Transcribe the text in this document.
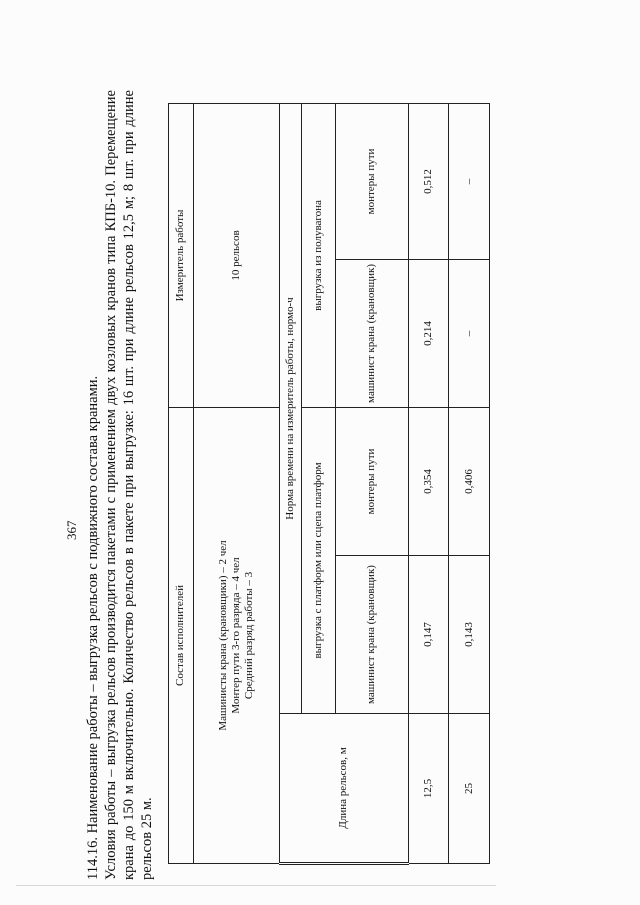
367 114.16. Наименование работы – выгрузка рельсов с подвижного состава кранами. Условия работы – выгрузка рельсов производится пакетами с применением двух козловых кранов типа КПБ-10. Перемещение крана до 150 м включительно. Количество рельсов в пакете при выгрузке: 16 шт. при длине рельсов 12,5 м; 8 шт. при длине рельсов 25 м.

Состав исполнителей			Измеритель работы	

Машинисты крана (крановщики) – 2 чел Монтер пути 3-го разряда – 4 чел Средний разряд работы – 3			10 рельсов	
Длина рельсов, м	Норма времени на измеритель работы, нормо-ч			
	выгрузка с платформ или сцепа платформ		выгрузка из полувагона	
	машинист крана (крановщик)	монтеры пути	машинист крана (крановщик)	монтеры пути
12,5	0,147	0,354	0,214	0,512
25	0,143	0,406	–	–
